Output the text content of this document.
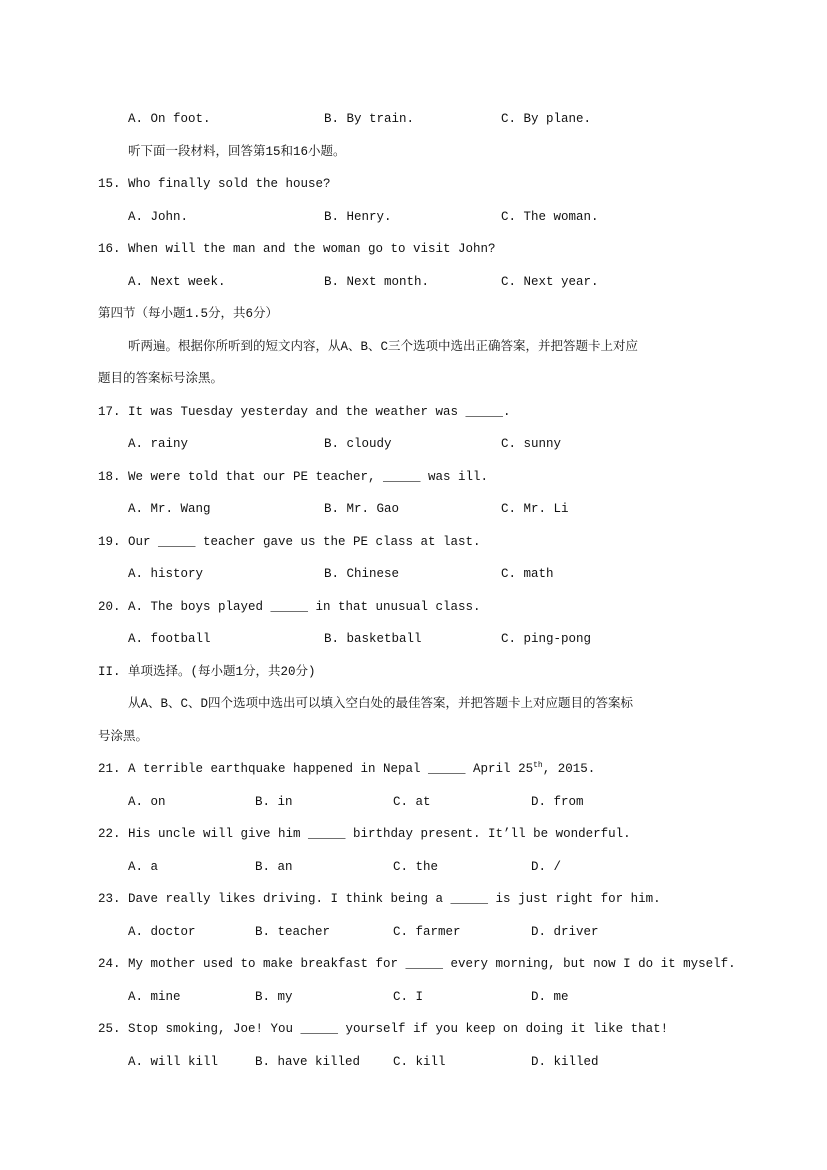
A. On foot.	B. By train.	C. By plane.
听下面一段材料，回答第15和16小题。
15. Who finally sold the house?
A. John.	B. Henry.	C. The woman.
16. When will the man and the woman go to visit John?
A. Next week.	B. Next month.	C. Next year.
第四节（每小题1.5分，共6分）
听两遍。根据你所听到的短文内容，从A、B、C三个选项中选出正确答案，并把答题卡上对应
题目的答案标号涂黑。
17. It was Tuesday yesterday and the weather was _____.
A. rainy	B. cloudy	C. sunny
18. We were told that our PE teacher, _____ was ill.
A. Mr. Wang	B. Mr. Gao	C. Mr. Li
19. Our _____ teacher gave us the PE class at last.
A. history	B. Chinese	C. math
20. A. The boys played _____ in that unusual class.
A. football	B. basketball	C. ping-pong
II. 单项选择。(每小题1分，共20分)
从A、B、C、D四个选项中选出可以填入空白处的最佳答案，并把答题卡上对应题目的答案标
号涂黑。
21. A terrible earthquake happened in Nepal _____ April 25th, 2015.
A. on	B. in	C. at	D. from
22. His uncle will give him _____ birthday present. It’ll be wonderful.
A. a	B. an	C. the	D. /
23. Dave really likes driving. I think being a _____ is just right for him.
A. doctor	B. teacher	C. farmer	D. driver
24. My mother used to make breakfast for _____ every morning, but now I do it myself.
A. mine	B. my	C. I	D. me
25. Stop smoking, Joe! You _____ yourself if you keep on doing it like that!
A. will kill	B. have killed	C. kill	D. killed
